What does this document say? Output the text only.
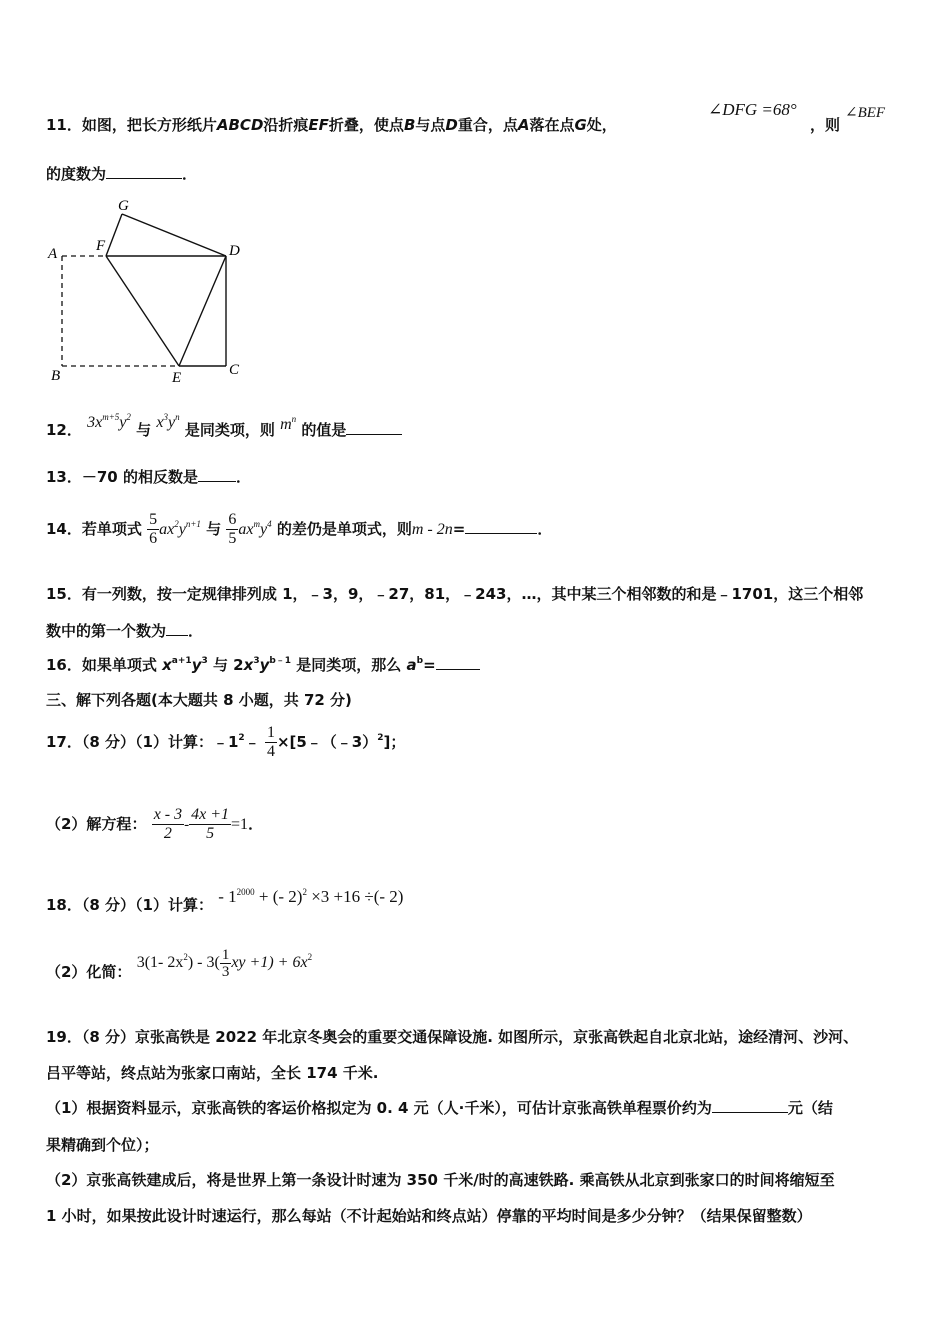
11．如图，把长方形纸片ABCD沿折痕EF折叠，使点B与点D重合，点A落在点G处，
∠DFG =68°
，则
∠BEF
的度数为	．
G
A	F	D
B	E	C
12． $3x^{m+5}y^2$ 与 $x^3y^n$ 是同类项，则 $m^n$ 的值是
13．－70 的相反数是	．
14．若单项式 $\frac{5}{6} ax^2y^{n+1}$ 与 $\frac{6}{5} ax^my^4$ 的差仍是单项式，则m - 2n=	．
15．有一列数，按一定规律排列成 1，﹣3，9，﹣27，81，﹣243，…，其中某三个相邻数的和是﹣1701，这三个相邻
数中的第一个数为 ．
16．如果单项式 $x^{a+1}y^3$ 与 $2x^3y^{b﹣1}$ 是同类项，那么 $a^b=$
三、解下列各题(本大题共 8 小题，共 72 分)
17．（8 分）（1）计算：$﹣1^2﹣ \frac{1}{4}$ ×[5﹣（﹣3）$^2$]；
（2）解方程： $\frac{x - 3}{2} - \frac{4x +1}{5} =1$．
18．（8 分）（1）计算： - $1^{2000}$ + (- 2)$^2$ ×3 +16 ÷(- 2)
（2）化简： 3(1- $2x^2) - 3( \frac{1}{3}$ xy $+1) + 6x^2$
19．（8 分）京张高铁是 2022 年北京冬奥会的重要交通保障设施. 如图所示，京张高铁起自北京北站，途经清河、沙河、
吕平等站，终点站为张家口南站，全长 174 千米.
（1）根据资料显示，京张高铁的客运价格拟定为 0. 4 元（人·千米），可估计京张高铁单程票价约为	元（结
果精确到个位）；
（2）京张高铁建成后，将是世界上第一条设计时速为 350 千米/时的高速铁路. 乘高铁从北京到张家口的时间将缩短至
1 小时，如果按此设计时速运行，那么每站（不计起始站和终点站）停靠的平均时间是多少分钟？（结果保留整数）
